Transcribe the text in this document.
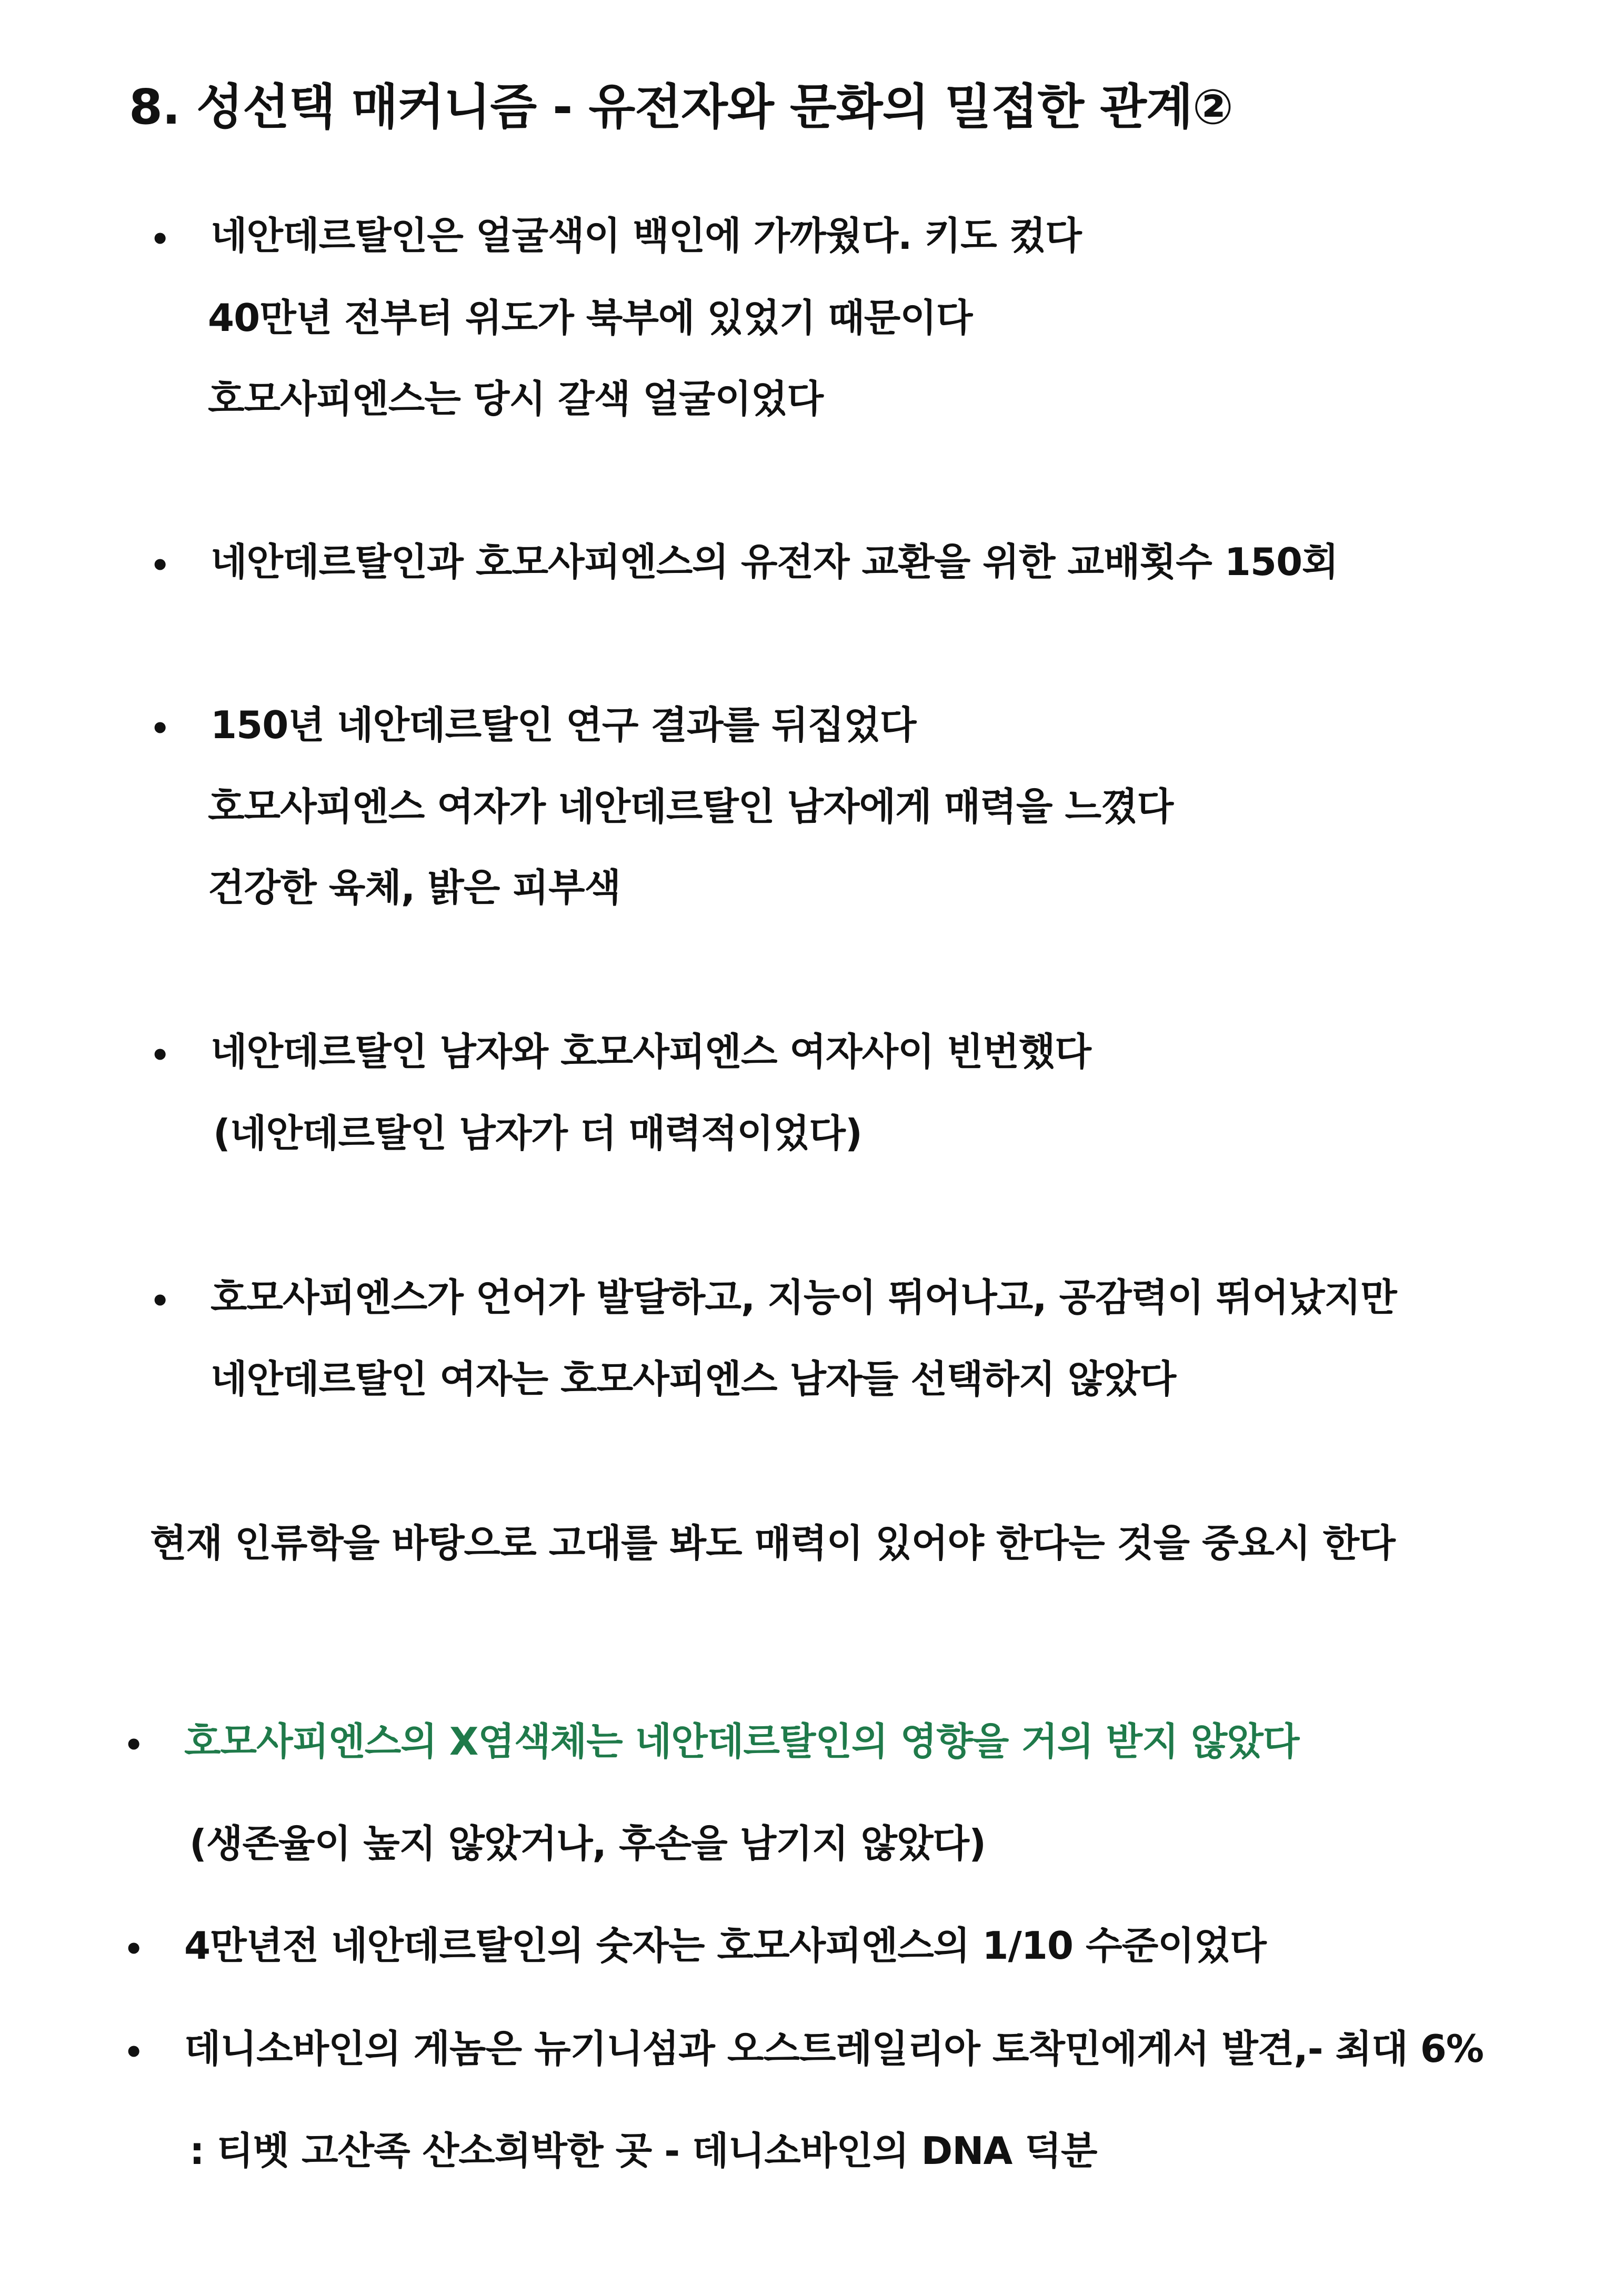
8. 성선택 매커니즘 - 유전자와 문화의 밀접한 관계②
• 네안데르탈인은 얼굴색이 백인에 가까웠다. 키도 컸다
40만년 전부터 위도가 북부에 있었기 때문이다
호모사피엔스는 당시 갈색 얼굴이었다
• 네안데르탈인과 호모사피엔스의 유전자 교환을 위한 교배횟수 150회
• 150년 네안데르탈인 연구 결과를 뒤집었다
호모사피엔스 여자가 네안데르탈인 남자에게 매력을 느꼈다
건강한 육체, 밝은 피부색
• 네안데르탈인 남자와 호모사피엔스 여자사이 빈번했다
(네안데르탈인 남자가 더 매력적이었다)
• 호모사피엔스가 언어가 발달하고, 지능이 뛰어나고, 공감력이 뛰어났지만
네안데르탈인 여자는 호모사피엔스 남자들 선택하지 않았다
현재 인류학을 바탕으로 고대를 봐도 매력이 있어야 한다는 것을 중요시 한다
• 호모사피엔스의 X염색체는 네안데르탈인의 영향을 거의 받지 않았다
(생존율이 높지 않았거나, 후손을 남기지 않았다)
• 4만년전 네안데르탈인의 숫자는 호모사피엔스의 1/10 수준이었다
• 데니소바인의 게놈은 뉴기니섬과 오스트레일리아 토착민에게서 발견,- 최대 6%
: 티벳 고산족 산소희박한 곳 - 데니소바인의 DNA 덕분
